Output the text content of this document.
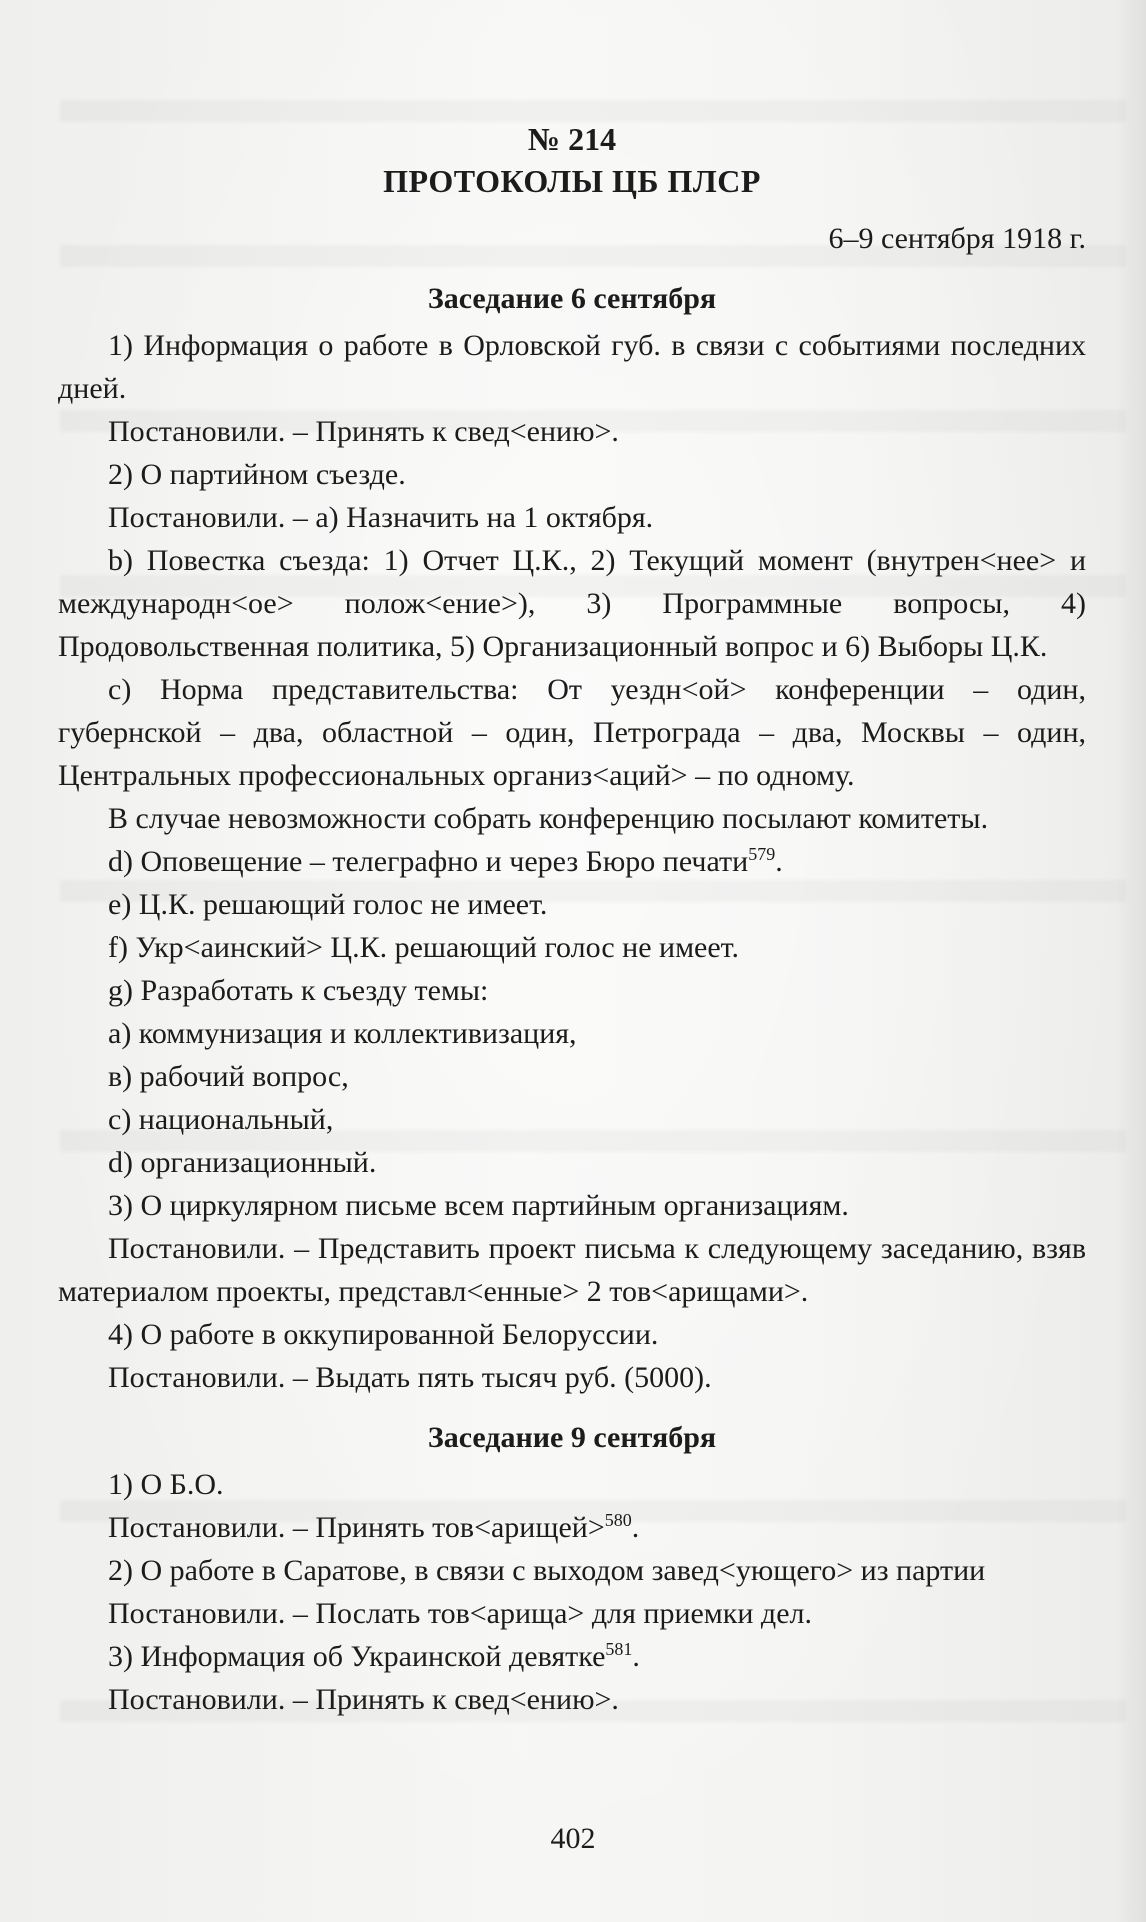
№ 214

ПРОТОКОЛЫ ЦБ ПЛСР

6–9 сентября 1918 г.

Заседание 6 сентября

1) Информация о работе в Орловской губ. в связи с событиями последних дней.

Постановили. – Принять к свед<ению>.

2) О партийном съезде.

Постановили. – а) Назначить на 1 октября.

b) Повестка съезда: 1) Отчет Ц.К., 2) Текущий момент (внутрен<нее> и международн<ое> полож<ение>), 3) Программные вопросы, 4) Продовольственная политика, 5) Организационный вопрос и 6) Выборы Ц.К.

c) Норма представительства: От уездн<ой> конференции – один, губернской – два, областной – один, Петрограда – два, Москвы – один, Центральных профессиональных организ<аций> – по одному.

В случае невозможности собрать конференцию посылают комитеты.

d) Оповещение – телеграфно и через Бюро печати$^{579}$.

e) Ц.К. решающий голос не имеет.

f) Укр<аинский> Ц.К. решающий голос не имеет.

g) Разработать к съезду темы:

а) коммунизация и коллективизация,

в) рабочий вопрос,

с) национальный,

d) организационный.

3) О циркулярном письме всем партийным организациям.

Постановили. – Представить проект письма к следующему заседанию, взяв материалом проекты, представл<енные> 2 тов<арищами>.

4) О работе в оккупированной Белоруссии.

Постановили. – Выдать пять тысяч руб. (5000).

Заседание 9 сентября

1) О Б.О.

Постановили. – Принять тов<арищей>$^{580}$.

2) О работе в Саратове, в связи с выходом завед<ующего> из партии

Постановили. – Послать тов<арища> для приемки дел.

3) Информация об Украинской девятке$^{581}$.

Постановили. – Принять к свед<ению>.

402
